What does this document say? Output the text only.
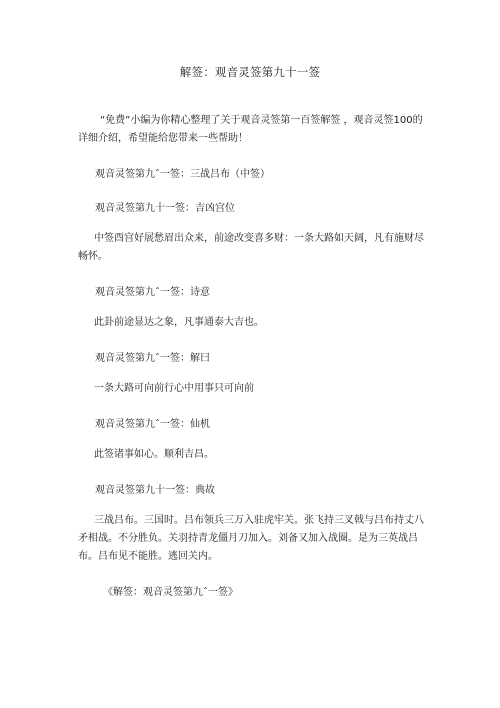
解签：观音灵签第九十一签
“免费”小编为你精心整理了关于观音灵签第一百签解签 ，观音灵签100的详细介绍，希望能给您带来一些帮助！
观音灵签第九ˆ一签：三战吕布（中签）
观音灵签第九十一签：吉凶宫位
中签酉宫好展愁眉出众来，前途改变喜多财：一条大路如天阔，凡有施财尽畅怀。
观音灵签第九ˆ一签：诗意
此卦前途显达之象，凡事通泰大吉也。
观音灵签第九ˆ一签：解曰
一条大路可向前行心中用事只可向前
观音灵签第九ˆ一签：仙机
此签诸事如心。顺利吉昌。
观音灵签第九十一签：典故
三战吕布。三国时。吕布领兵三万入驻虎牢关。张飞持三叉戟与吕布持丈八矛相战。不分胜负。关羽持青龙僵月刀加入。刘备又加入战圈。是为三英战吕布。吕布见不能胜。逃回关内。
《解签：观音灵签第九ˆ一签》
